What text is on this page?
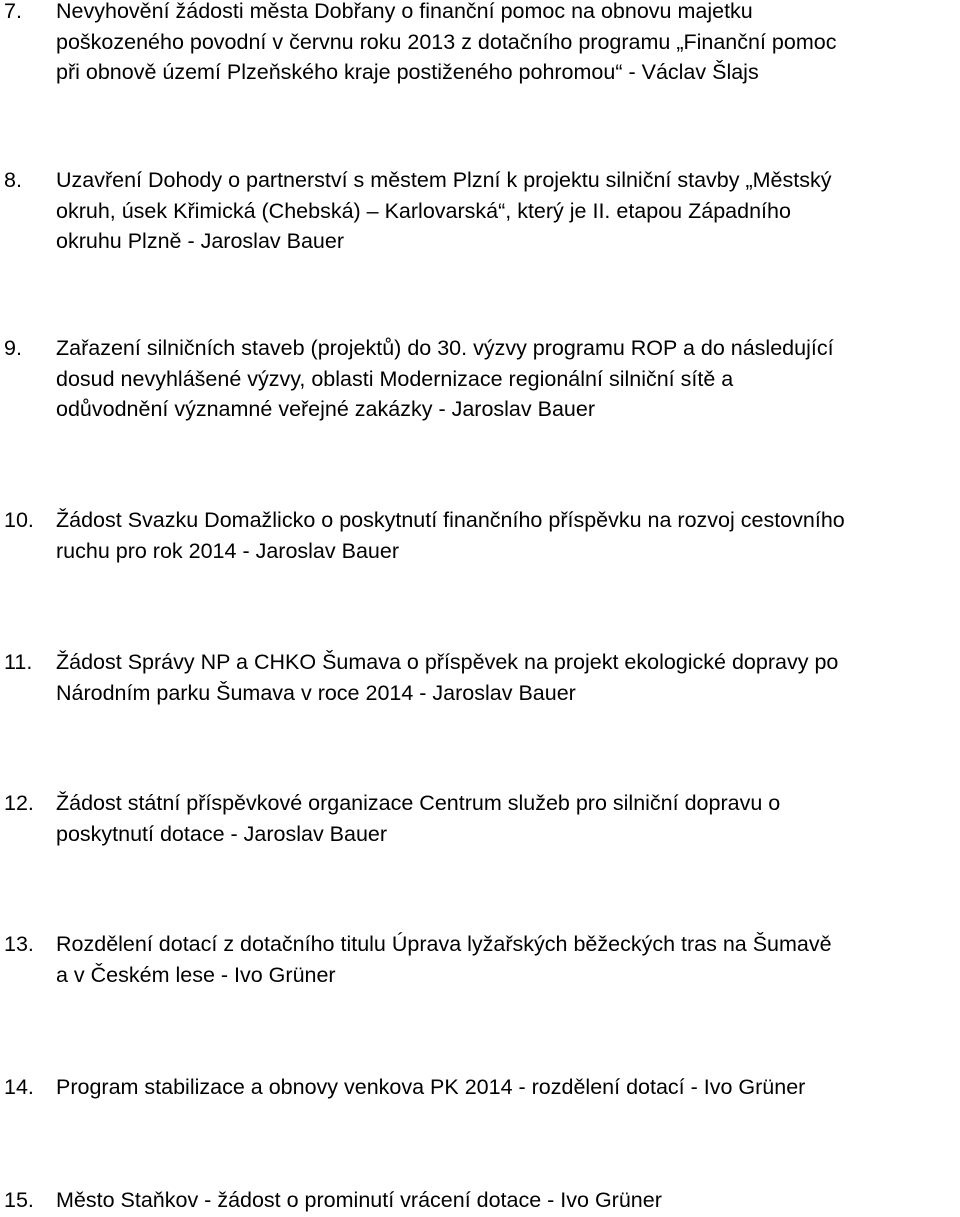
7. Nevyhovění žádosti města Dobřany o finanční pomoc na obnovu majetku
poškozeného povodní v červnu roku 2013 z dotačního programu „Finanční pomoc
při obnově území Plzeňského kraje postiženého pohromou“ - Václav Šlajs
8. Uzavření Dohody o partnerství s městem Plzní k projektu silniční stavby „Městský
okruh, úsek Křimická (Chebská) – Karlovarská“, který je II. etapou Západního
okruhu Plzně - Jaroslav Bauer
9. Zařazení silničních staveb (projektů) do 30. výzvy programu ROP a do následující
dosud nevyhlášené výzvy, oblasti Modernizace regionální silniční sítě a
odůvodnění významné veřejné zakázky - Jaroslav Bauer
10. Žádost Svazku Domažlicko o poskytnutí finančního příspěvku na rozvoj cestovního
ruchu pro rok 2014 - Jaroslav Bauer
11. Žádost Správy NP a CHKO Šumava o příspěvek na projekt ekologické dopravy po
Národním parku Šumava v roce 2014 - Jaroslav Bauer
12. Žádost státní příspěvkové organizace Centrum služeb pro silniční dopravu o
poskytnutí dotace - Jaroslav Bauer
13. Rozdělení dotací z dotačního titulu Úprava lyžařských běžeckých tras na Šumavě
a v Českém lese - Ivo Grüner
14. Program stabilizace a obnovy venkova PK 2014 - rozdělení dotací - Ivo Grüner
15. Město Staňkov - žádost o prominutí vrácení dotace - Ivo Grüner
